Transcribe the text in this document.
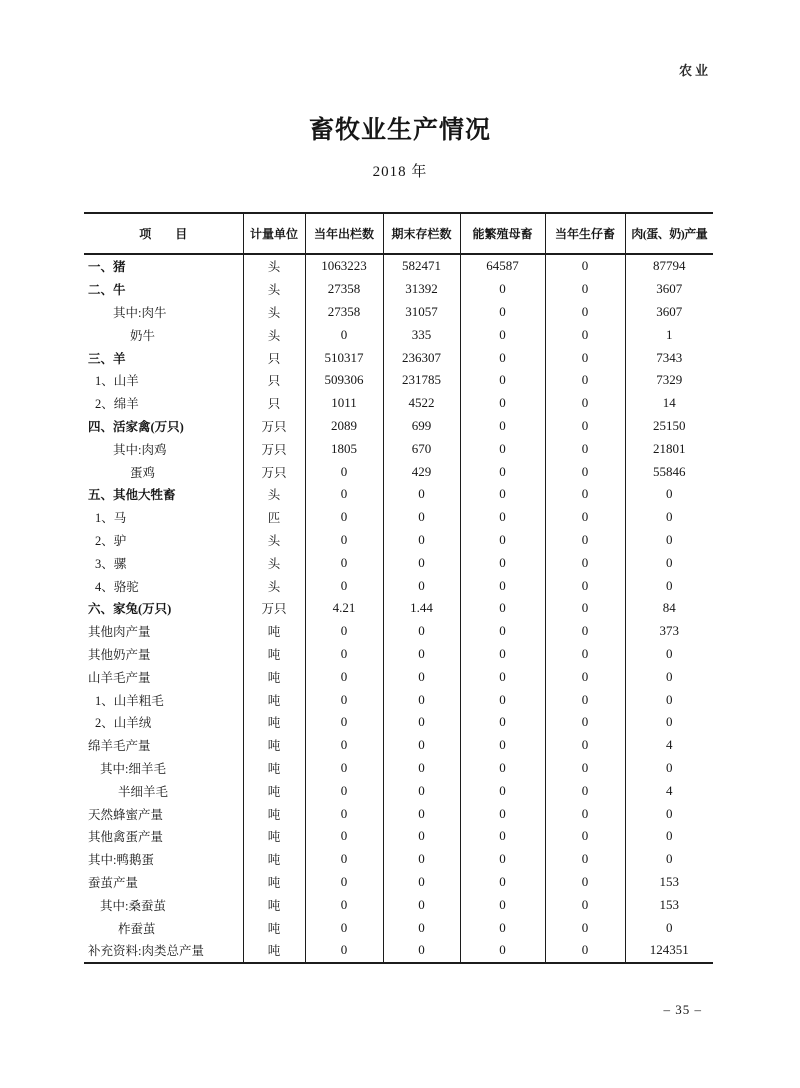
农业
畜牧业生产情况
2018 年
项　　目	计量单位	当年出栏数	期末存栏数	能繁殖母畜	当年生仔畜	肉(蛋、奶)产量
一、猪	头	1063223	582471	64587	0	87794
二、牛	头	27358	31392	0	0	3607
其中:肉牛	头	27358	31057	0	0	3607
奶牛	头	0	335	0	0	1
三、羊	只	510317	236307	0	0	7343
1、山羊	只	509306	231785	0	0	7329
2、绵羊	只	1011	4522	0	0	14
四、活家禽(万只)	万只	2089	699	0	0	25150
其中:肉鸡	万只	1805	670	0	0	21801
蛋鸡	万只	0	429	0	0	55846
五、其他大牲畜	头	0	0	0	0	0
1、马	匹	0	0	0	0	0
2、驴	头	0	0	0	0	0
3、骡	头	0	0	0	0	0
4、骆驼	头	0	0	0	0	0
六、家兔(万只)	万只	4.21	1.44	0	0	84
其他肉产量	吨	0	0	0	0	373
其他奶产量	吨	0	0	0	0	0
山羊毛产量	吨	0	0	0	0	0
1、山羊粗毛	吨	0	0	0	0	0
2、山羊绒	吨	0	0	0	0	0
绵羊毛产量	吨	0	0	0	0	4
其中:细羊毛	吨	0	0	0	0	0
半细羊毛	吨	0	0	0	0	4
天然蜂蜜产量	吨	0	0	0	0	0
其他禽蛋产量	吨	0	0	0	0	0
其中:鸭鹅蛋	吨	0	0	0	0	0
蚕茧产量	吨	0	0	0	0	153
其中:桑蚕茧	吨	0	0	0	0	153
柞蚕茧	吨	0	0	0	0	0
补充资料:肉类总产量	吨	0	0	0	0	124351
– 35 –
